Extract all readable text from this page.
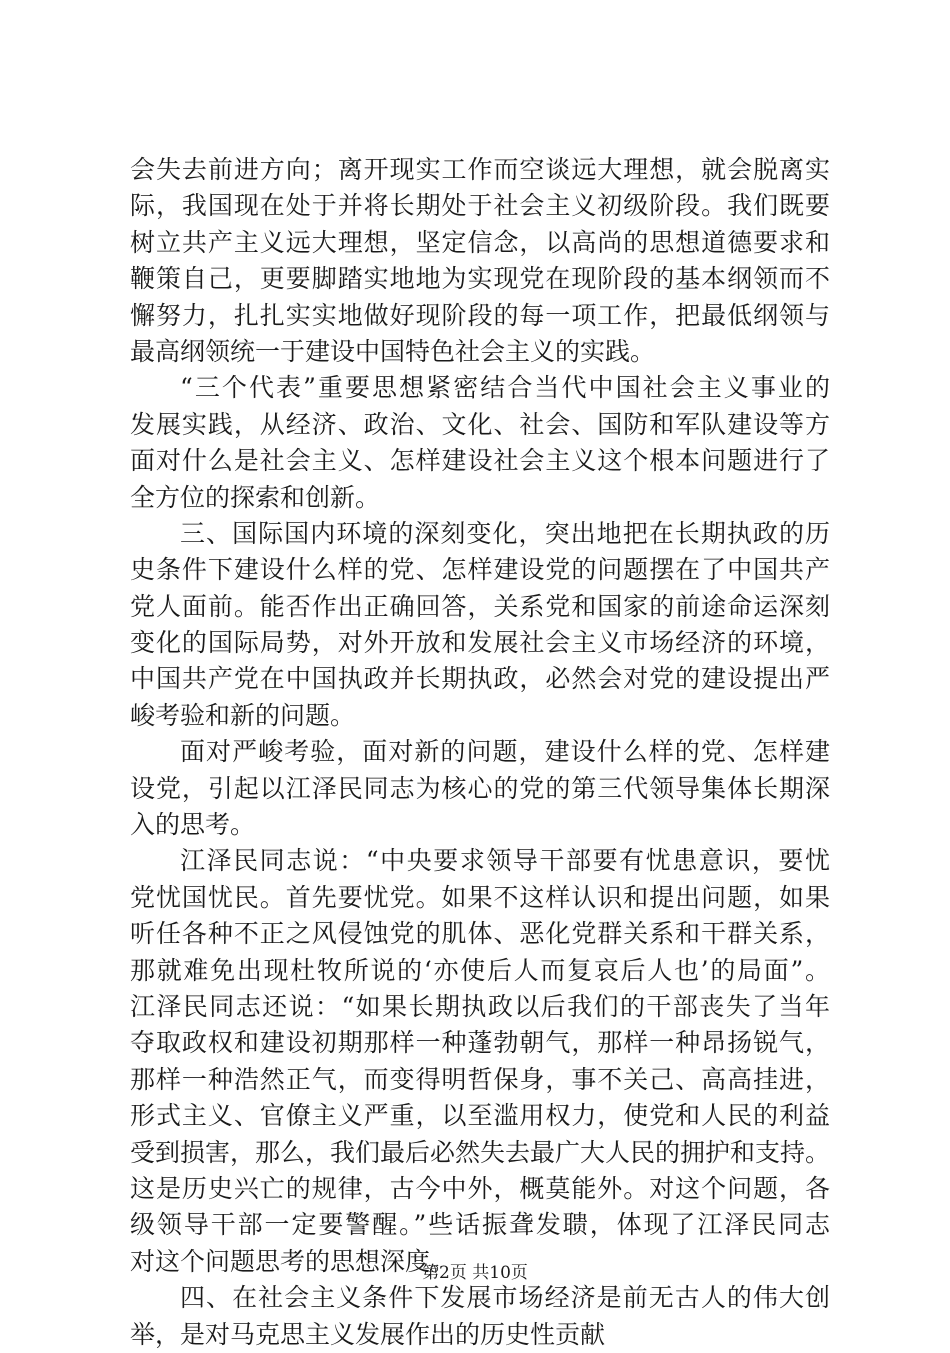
会失去前进方向；离开现实工作而空谈远大理想，就会脱离实
际，我国现在处于并将长期处于社会主义初级阶段。我们既要
树立共产主义远大理想，坚定信念，以高尚的思想道德要求和
鞭策自己，更要脚踏实地地为实现党在现阶段的基本纲领而不
懈努力，扎扎实实地做好现阶段的每一项工作，把最低纲领与
最高纲领统一于建设中国特色社会主义的实践。
“三个代表”重要思想紧密结合当代中国社会主义事业的
发展实践，从经济、政治、文化、社会、国防和军队建设等方
面对什么是社会主义、怎样建设社会主义这个根本问题进行了
全方位的探索和创新。
三、国际国内环境的深刻变化，突出地把在长期执政的历
史条件下建设什么样的党、怎样建设党的问题摆在了中国共产
党人面前。能否作出正确回答，关系党和国家的前途命运深刻
变化的国际局势，对外开放和发展社会主义市场经济的环境，
中国共产党在中国执政并长期执政，必然会对党的建设提出严
峻考验和新的问题。
面对严峻考验，面对新的问题，建设什么样的党、怎样建
设党，引起以江泽民同志为核心的党的第三代领导集体长期深
入的思考。
江泽民同志说：“中央要求领导干部要有忧患意识，要忧
党忧国忧民。首先要忧党。如果不这样认识和提出问题，如果
听任各种不正之风侵蚀党的肌体、恶化党群关系和干群关系，
那就难免出现杜牧所说的‘亦使后人而复哀后人也’的局面”。
江泽民同志还说：“如果长期执政以后我们的干部丧失了当年
夺取政权和建设初期那样一种蓬勃朝气，那样一种昂扬锐气，
那样一种浩然正气，而变得明哲保身，事不关己、高高挂进，
形式主义、官僚主义严重，以至滥用权力，使党和人民的利益
受到损害，那么，我们最后必然失去最广大人民的拥护和支持。
这是历史兴亡的规律，古今中外，概莫能外。对这个问题，各
级领导干部一定要警醒。”些话振聋发聩，体现了江泽民同志
对这个问题思考的思想深度。
四、在社会主义条件下发展市场经济是前无古人的伟大创
举，是对马克思主义发展作出的历史性贡献
第2页 共10页
